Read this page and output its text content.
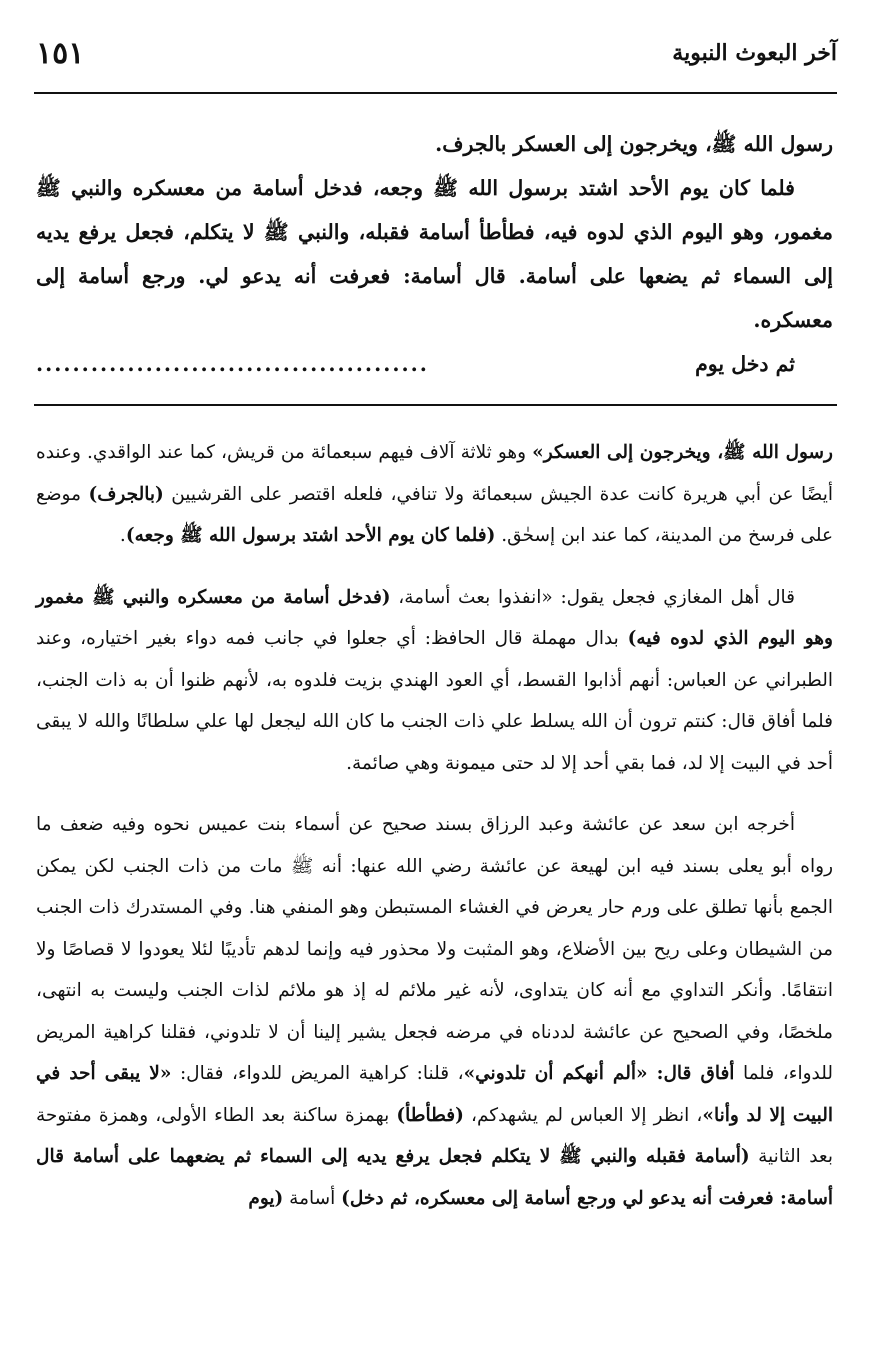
آخر البعوث النبوية
١٥١

رسول الله ﷺ، ويخرجون إلى العسكر بالجرف.

فلما كان يوم الأحد اشتد برسول الله ﷺ وجعه، فدخل أسامة من معسكره والنبي ﷺ مغمور، وهو اليوم الذي لدوه فيه، فطأطأ أسامة فقبله، والنبي ﷺ لا يتكلم، فجعل يرفع يديه إلى السماء ثم يضعها على أسامة. قال أسامة: فعرفت أنه يدعو لي. ورجع أسامة إلى معسكره.

ثم دخل يوم
...........................................

رسول الله ﷺ، ويخرجون إلى العسكر» وهو ثلاثة آلاف فيهم سبعمائة من قريش، كما عند الواقدي. وعنده أيضًا عن أبي هريرة كانت عدة الجيش سبعمائة ولا تنافي، فلعله اقتصر على القرشيين (بالجرف) موضع على فرسخ من المدينة، كما عند ابن إسحٰق. (فلما كان يوم الأحد اشتد برسول الله ﷺ وجعه).

قال أهل المغازي فجعل يقول: «انفذوا بعث أسامة، (فدخل أسامة من معسكره والنبي ﷺ مغمور وهو اليوم الذي لدوه فيه) بدال مهملة قال الحافظ: أي جعلوا في جانب فمه دواء بغير اختياره، وعند الطبراني عن العباس: أنهم أذابوا القسط، أي العود الهندي بزيت فلدوه به، لأنهم ظنوا أن به ذات الجنب، فلما أفاق قال: كنتم ترون أن الله يسلط علي ذات الجنب ما كان الله ليجعل لها علي سلطانًا والله لا يبقى أحد في البيت إلا لد، فما بقي أحد إلا لد حتى ميمونة وهي صائمة.

أخرجه ابن سعد عن عائشة وعبد الرزاق بسند صحيح عن أسماء بنت عميس نحوه وفيه ضعف ما رواه أبو يعلى بسند فيه ابن لهيعة عن عائشة رضي الله عنها: أنه ﷺ مات من ذات الجنب لكن يمكن الجمع بأنها تطلق على ورم حار يعرض في الغشاء المستبطن وهو المنفي هنا. وفي المستدرك ذات الجنب من الشيطان وعلى ريح بين الأضلاع، وهو المثبت ولا محذور فيه وإنما لدهم تأديبًا لئلا يعودوا لا قصاصًا ولا انتقامًا. وأنكر التداوي مع أنه كان يتداوى، لأنه غير ملائم له إذ هو ملائم لذات الجنب وليست به انتهى، ملخصًا، وفي الصحيح عن عائشة لددناه في مرضه فجعل يشير إلينا أن لا تلدوني، فقلنا كراهية المريض للدواء، فلما أفاق قال: «ألم أنهكم أن تلدوني»، قلنا: كراهية المريض للدواء، فقال: «لا يبقى أحد في البيت إلا لد وأنا»، انظر إلا العباس لم يشهدكم، (فطأطأ) بهمزة ساكنة بعد الطاء الأولى، وهمزة مفتوحة بعد الثانية (أسامة فقبله والنبي ﷺ لا يتكلم فجعل يرفع يديه إلى السماء ثم يضعهما على أسامة قال أسامة: فعرفت أنه يدعو لي ورجع أسامة إلى معسكره، ثم دخل) أسامة (يوم
